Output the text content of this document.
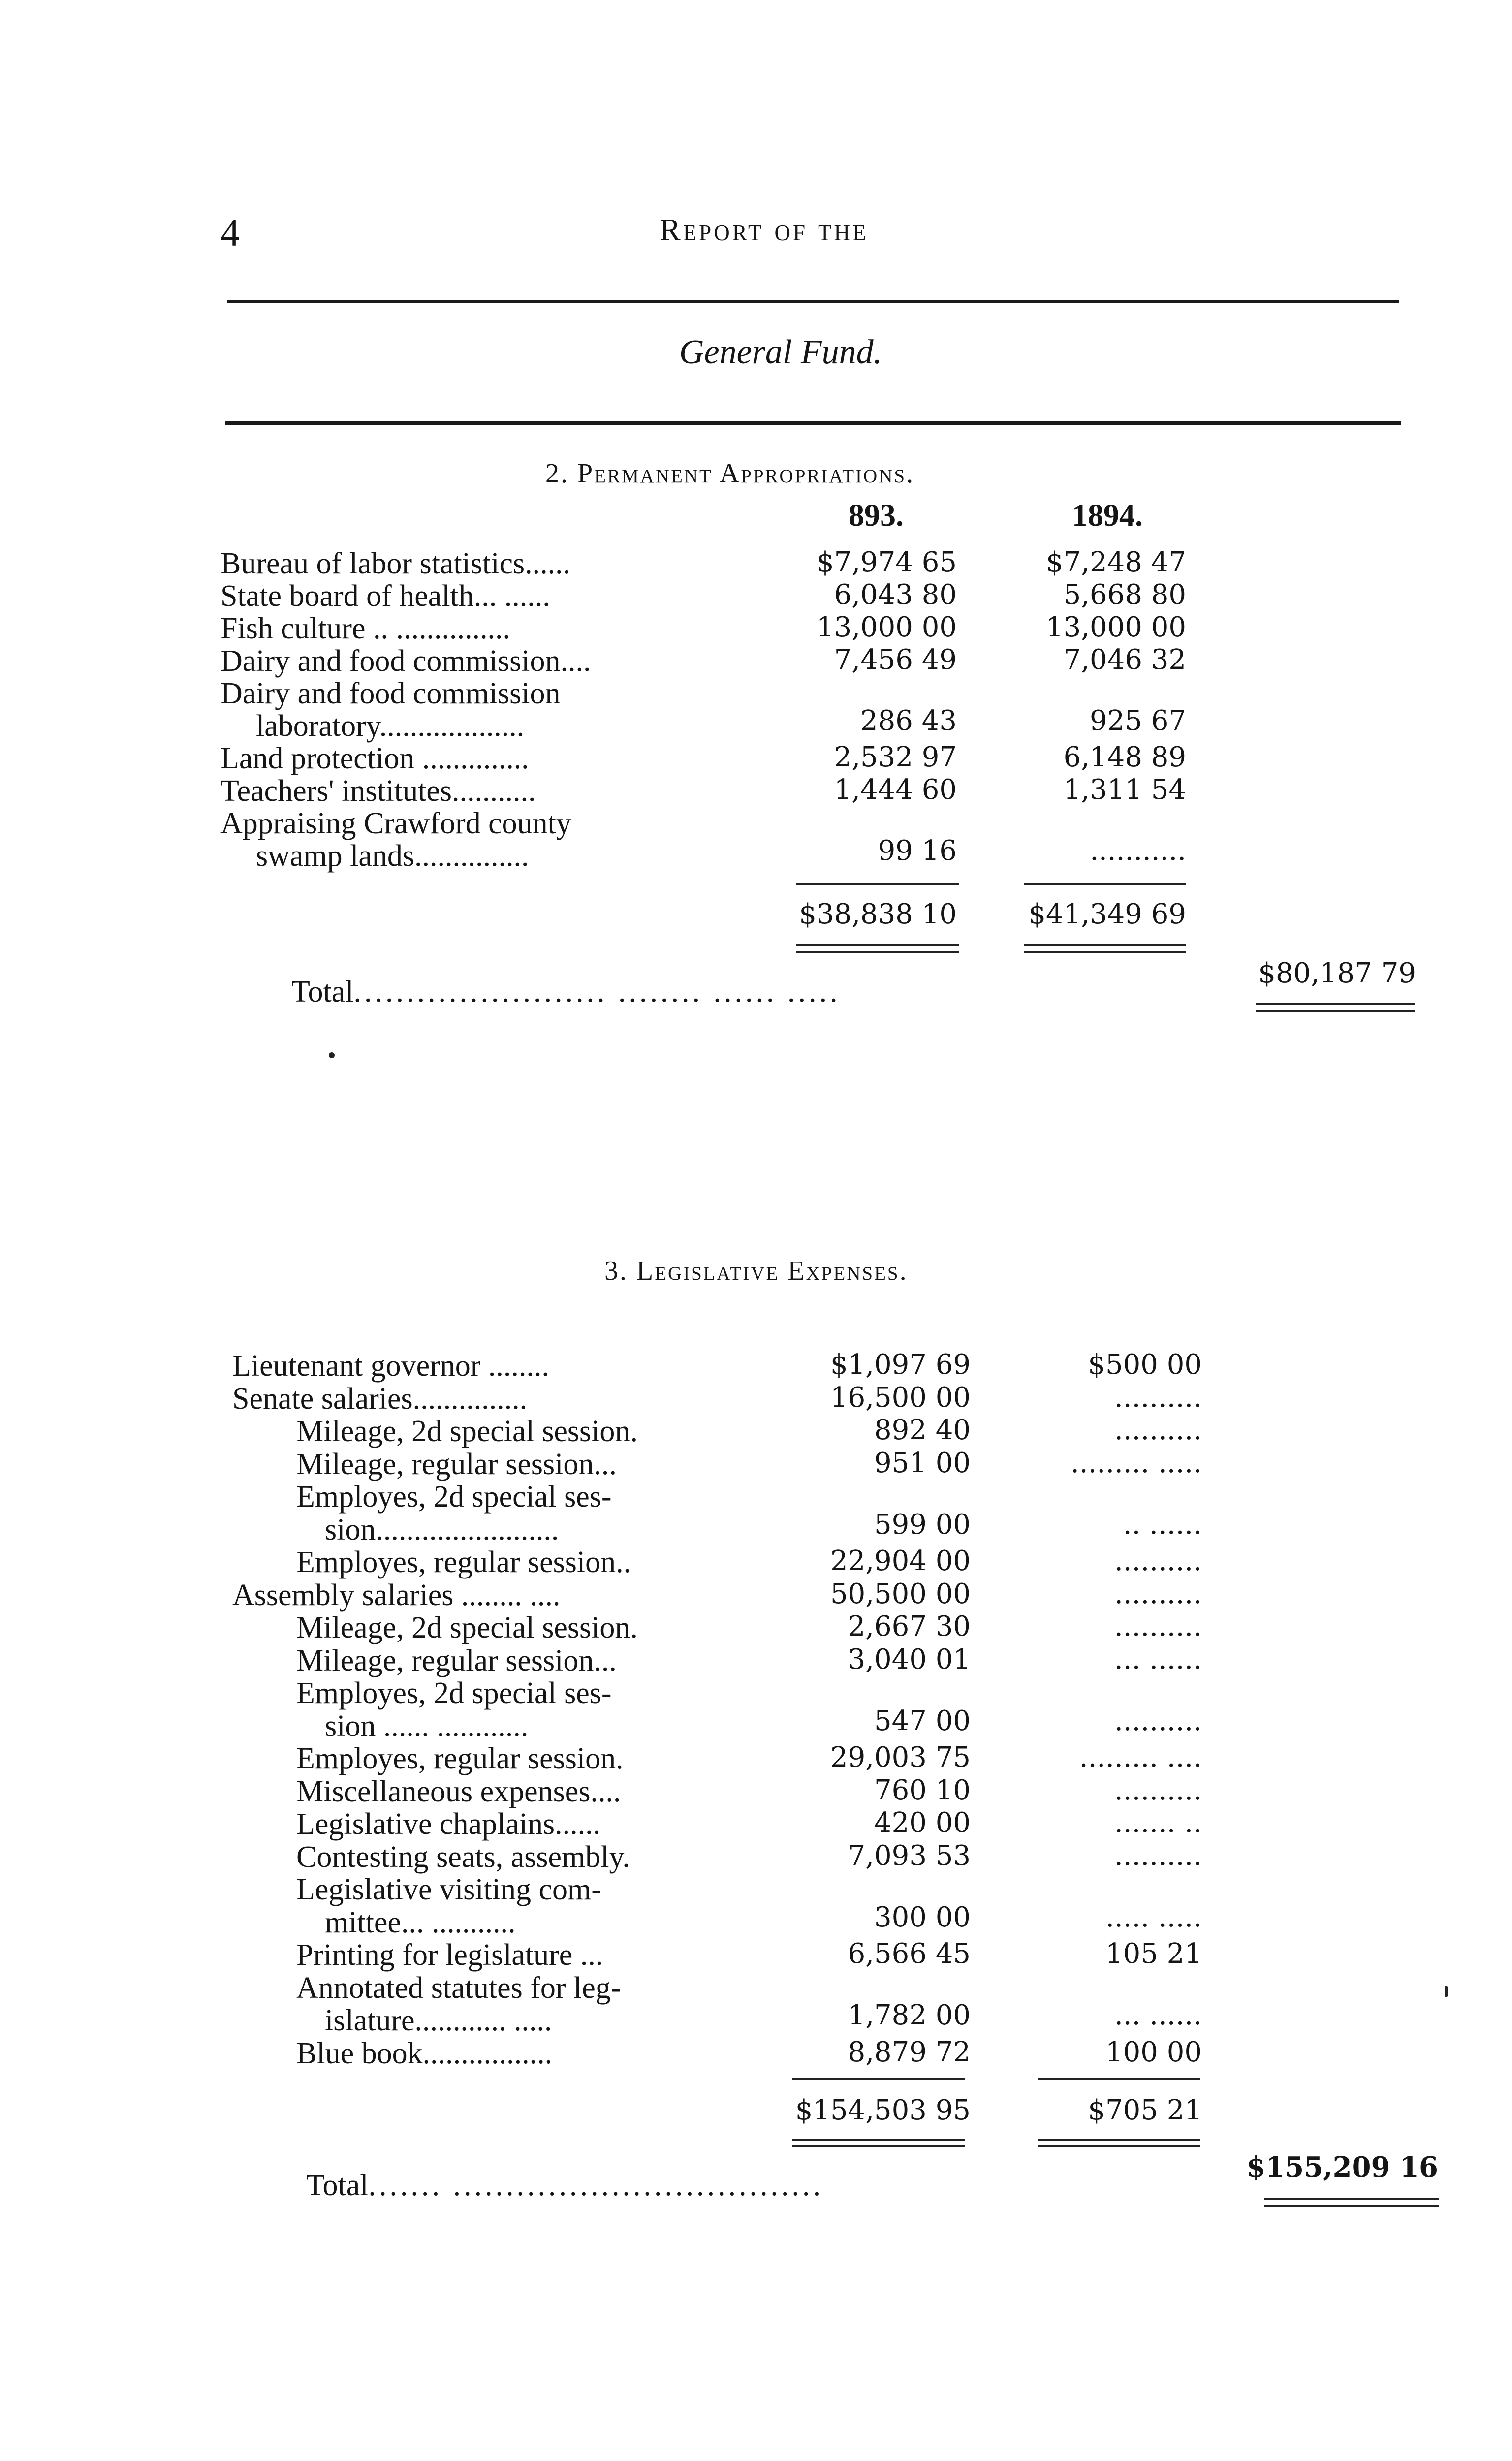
4	Report of the
General Fund.
2. Permanent Appropriations.
893.	1894.
Bureau of labor statistics......	$7,974 65	$7,248 47
State board of health... ......	6,043 80	5,668 80
Fish culture .. ...............	13,000 00	13,000 00
Dairy and food commission....	7,456 49	7,046 32
Dairy and food commission
laboratory...................	286 43	925 67
Land protection ..............	2,532 97	6,148 89
Teachers' institutes...........	1,444 60	1,311 54
Appraising Crawford county
swamp lands...............	99 16	...........
$38,838 10	$41,349 69
Total........................ ........ ...... .....
$80,187 79
3. Legislative Expenses.
Lieutenant governor ........	$1,097 69	$500 00
Senate salaries...............	16,500 00	..........
Mileage, 2d special session.	892 40	..........
Mileage, regular session...	951 00	......... .....
Employes, 2d special ses-
sion........................	599 00	.. ......
Employes, regular session..	22,904 00	..........
Assembly salaries ........ ....	50,500 00	..........
Mileage, 2d special session.	2,667 30	..........
Mileage, regular session...	3,040 01	... ......
Employes, 2d special ses-
sion ...... ............	547 00	..........
Employes, regular session.	29,003 75	......... ....
Miscellaneous expenses....	760 10	..........
Legislative chaplains......	420 00	....... ..
Contesting seats, assembly.	7,093 53	..........
Legislative visiting com-
mittee... ...........	300 00	..... .....
Printing for legislature ...	6,566 45	105 21
Annotated statutes for leg-
islature............ .....	1,782 00	... ......
Blue book.................	8,879 72	100 00
$154,503 95	$705 21
Total....... ...................................
$155,209 16
